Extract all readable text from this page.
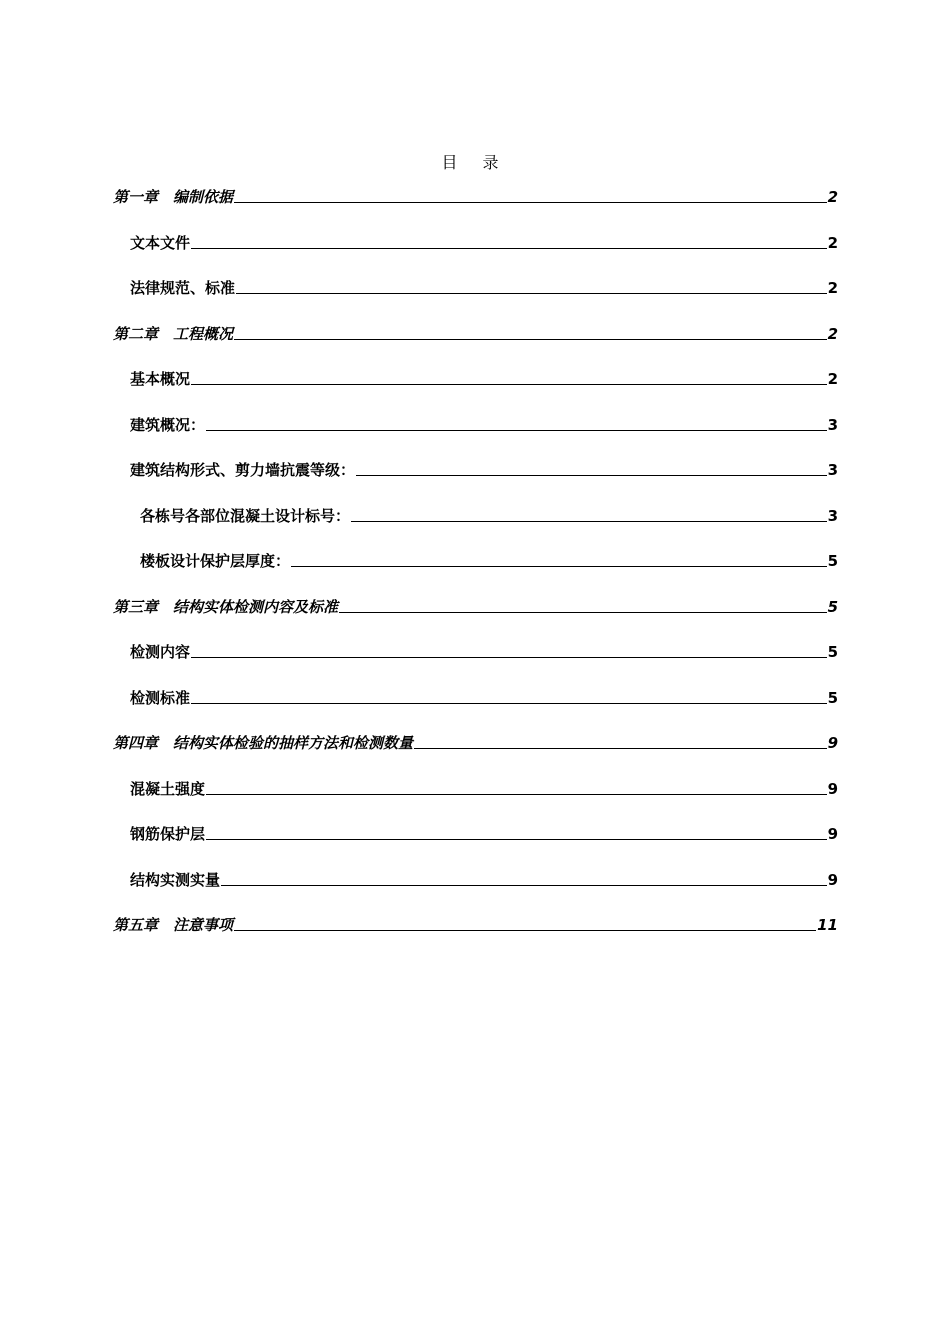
目 录
第一章　编制依据	2
文本文件	2
法律规范、标准	2
第二章　工程概况	2
基本概况	2
建筑概况：	3
建筑结构形式、剪力墙抗震等级：	3
各栋号各部位混凝土设计标号：	3
楼板设计保护层厚度：	5
第三章　结构实体检测内容及标准	5
检测内容	5
检测标准	5
第四章　结构实体检验的抽样方法和检测数量	9
混凝土强度	9
钢筋保护层	9
结构实测实量	9
第五章　注意事项	11
